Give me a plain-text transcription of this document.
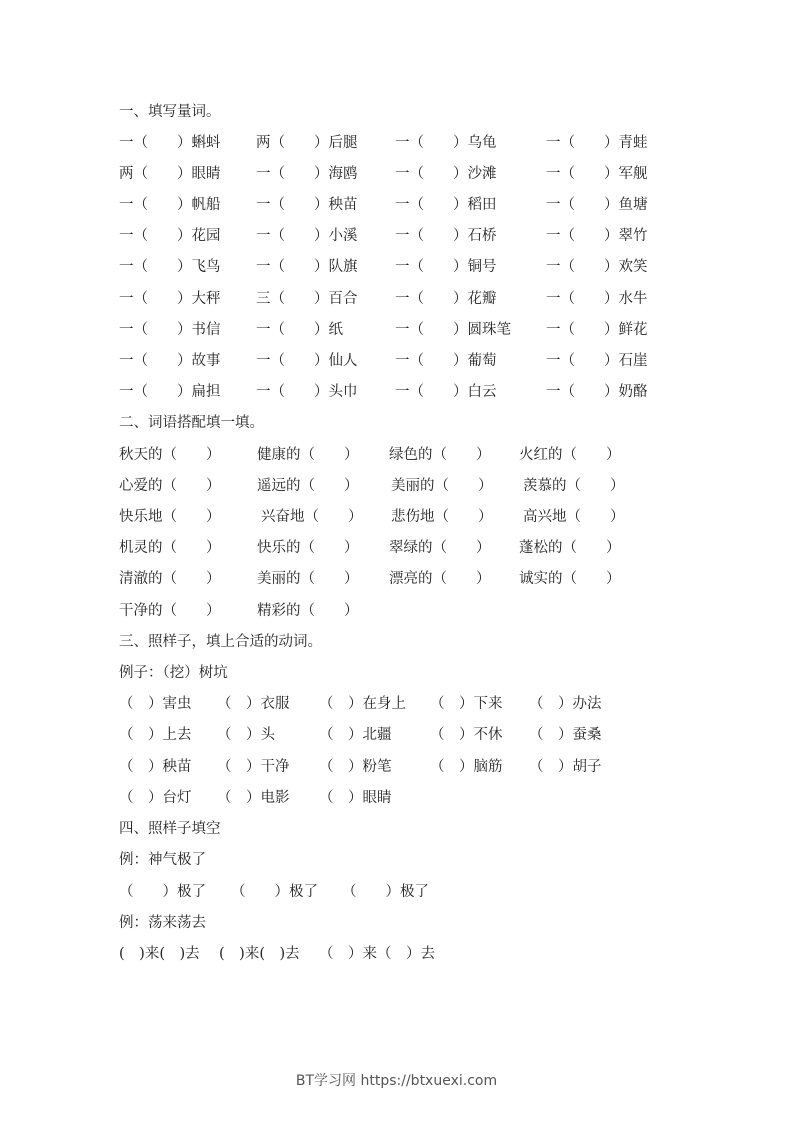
一、填写量词。
一（　　）蝌蚪 两（　　）后腿	一（　　）乌龟	一（　　）青蛙
两（　　）眼睛 一（　　）海鸥	一（　　）沙滩	一（　　）军舰
一（　　）帆船 一（　　）秧苗	一（　　）稻田	一（　　）鱼塘
一（　　）花园 一（　　）小溪	一（　　）石桥	一（　　）翠竹
一（　　）飞鸟 一（　　）队旗	一（　　）铜号	一（　　）欢笑
一（　　）大秤 三（　　）百合	一（　　）花瓣	一（　　）水牛
一（　　）书信 一（　　）纸	一（　　）圆珠笔 一（　　）鲜花
一（　　）故事 一（　　）仙人	一（　　）葡萄	一（　　）石崖
一（　　）扁担 一（　　）头巾	一（　　）白云	一（　　）奶酪
二、词语搭配填一填。
秋天的（　　）	健康的（　　） 绿色的（　　） 火红的（　　）
心爱的（　　）	遥远的（　　） 美丽的（　　） 羡慕的（　　）
快乐地（　　）	兴奋地（　　） 悲伤地（　　） 高兴地（　　）
机灵的（　　）	快乐的（　　） 翠绿的（　　） 蓬松的（　　）
清澈的（　　）	美丽的（　　） 漂亮的（　　） 诚实的（　　）
干净的（　　）	精彩的（　　）
三、照样子，填上合适的动词。
例子：（挖）树坑
（　）害虫 （　）衣服 （　）在身上 （　）下来 （　）办法
（　）上去 （　）头	（　）北疆	（　）不休 （　）蚕桑
（　）秧苗 （　）干净 （　）粉笔	（　）脑筋 （　）胡子
（　）台灯 （　）电影 （　）眼睛
四、照样子填空
例：神气极了
（　　）极了 （　　）极了 （　　）极了
例：荡来荡去
(　)来(　)去 (　)来(　)去 （　）来（　）去
BT学习网 https://btxuexi.com
